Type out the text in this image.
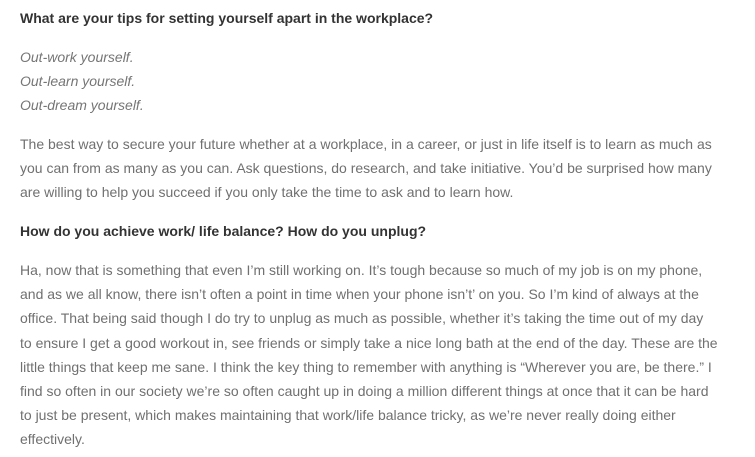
What are your tips for setting yourself apart in the workplace?

Out-work yourself.
Out-learn yourself.
Out-dream yourself.

The best way to secure your future whether at a workplace, in a career, or just in life itself is to learn as much as
you can from as many as you can. Ask questions, do research, and take initiative. You’d be surprised how many
are willing to help you succeed if you only take the time to ask and to learn how.

How do you achieve work/ life balance? How do you unplug?

Ha, now that is something that even I’m still working on. It’s tough because so much of my job is on my phone,
and as we all know, there isn’t often a point in time when your phone isn’t’ on you. So I’m kind of always at the
office. That being said though I do try to unplug as much as possible, whether it’s taking the time out of my day
to ensure I get a good workout in, see friends or simply take a nice long bath at the end of the day. These are the
little things that keep me sane. I think the key thing to remember with anything is “Wherever you are, be there.” I
find so often in our society we’re so often caught up in doing a million different things at once that it can be hard
to just be present, which makes maintaining that work/life balance tricky, as we’re never really doing either
effectively.
